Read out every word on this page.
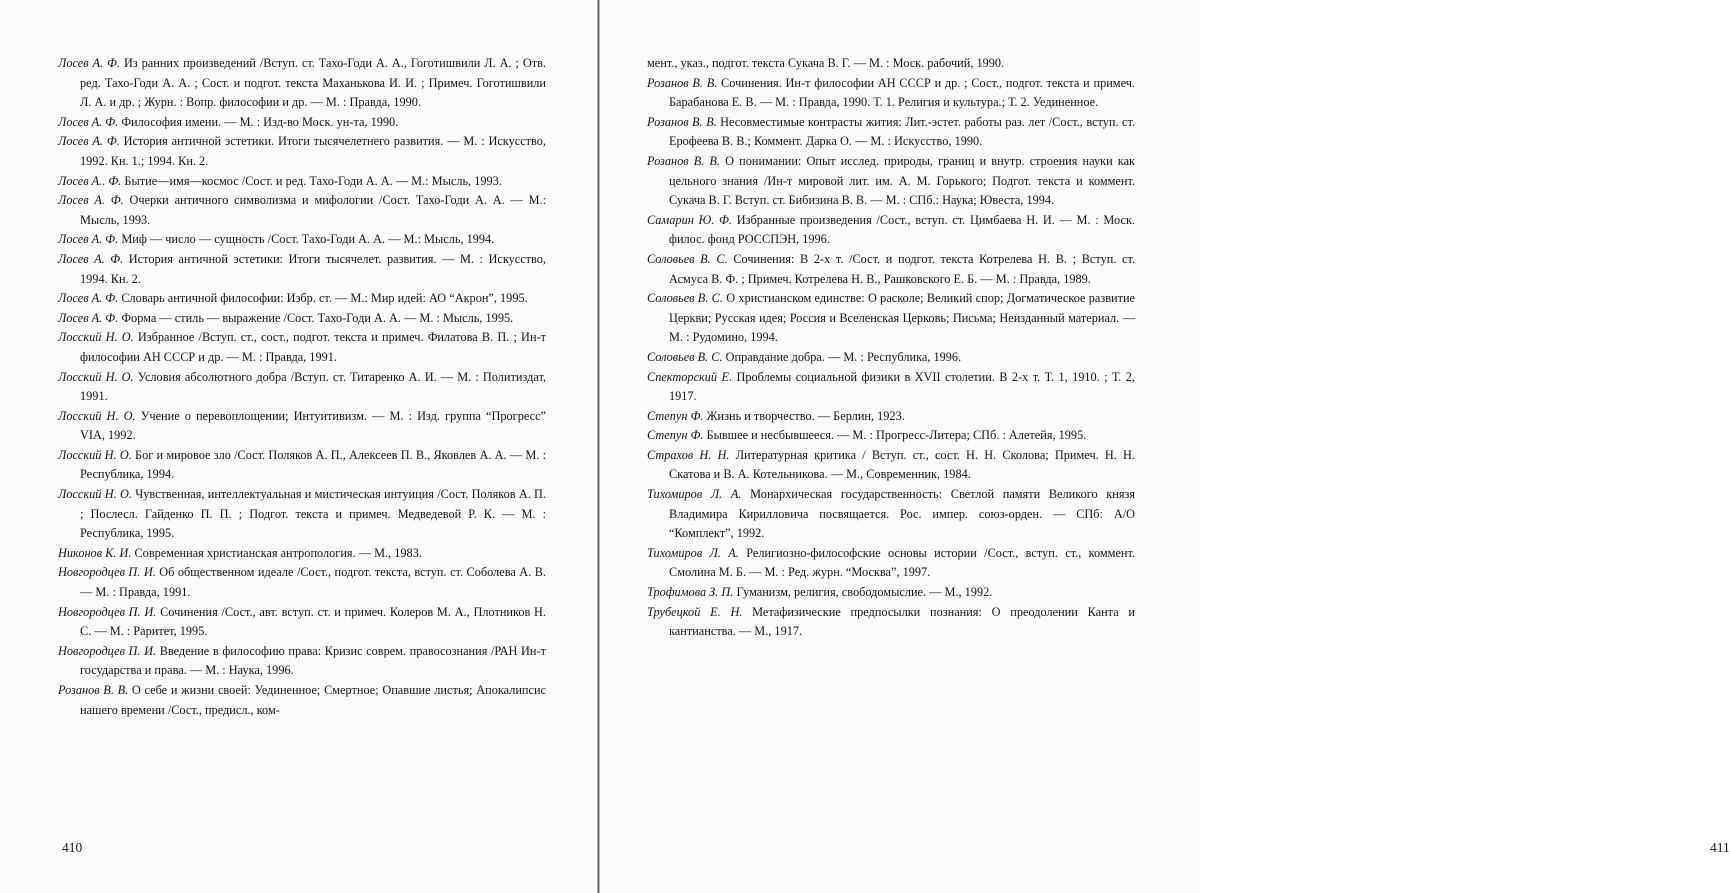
Лосев А. Ф. Из ранних произведений /Вступ. ст. Тахо-Годи А. А., Гоготишвили Л. А. ; Отв. ред. Тахо-Годи А. А. ; Сост. и подгот. текста Маханькова И. И. ; Примеч. Гоготишвили Л. А. и др. ; Журн. : Вопр. философии и др. — М. : Правда, 1990.

Лосев А. Ф. Философия имени. — М. : Изд-во Моск. ун-та, 1990.

Лосев А. Ф. История античной эстетики. Итоги тысячелетнего развития. — М. : Искусство, 1992. Кн. 1.; 1994. Кн. 2.

Лосев А.. Ф. Бытие—имя—космос /Сост. и ред. Тахо-Годи А. А. — М.: Мысль, 1993.

Лосев А. Ф. Очерки античного символизма и мифологии /Сост. Тахо-Годи А. А. — М.: Мысль, 1993.

Лосев А. Ф. Миф — число — сущность /Сост. Тахо-Годи А. А. — М.: Мысль, 1994.

Лосев А. Ф. История античной эстетики: Итоги тысячелет. развития. — М. : Искусство, 1994. Кн. 2.

Лосев А. Ф. Словарь античной философии: Избр. ст. — М.: Мир идей: АО “Акрон”, 1995.

Лосев А. Ф. Форма — стиль — выражение /Сост. Тахо-Годи А. А. — М. : Мысль, 1995.

Лосский Н. О. Избранное /Вступ. ст., сост., подгот. текста и примеч. Филатова В. П. ; Ин-т философии АН СССР и др. — М. : Правда, 1991.

Лосский Н. О. Условия абсолютного добра /Вступ. ст. Титаренко А. И. — М. : Политиздат, 1991.

Лосский Н. О. Учение о перевоплощении; Интуитивизм. — М. : Изд. группа “Прогресс” VIA, 1992.

Лосский Н. О. Бог и мировое зло /Сост. Поляков А. П., Алексеев П. В., Яковлев А. А. — М. : Республика, 1994.

Лосский Н. О. Чувственная, интеллектуальная и мистическая интуиция /Сост. Поляков А. П. ; Послесл. Гайденко П. П. ; Подгот. текста и примеч. Медведевой Р. К. — М. : Республика, 1995.

Никонов К. И. Современная христианская антропология. — М., 1983.

Новгородцев П. И. Об общественном идеале /Сост., подгот. текста, вступ. ст. Соболева А. В. — М. : Правда, 1991.

Новгородцев П. И. Сочинения /Сост., авт. вступ. ст. и примеч. Колеров М. А., Плотников Н. С. — М. : Раритет, 1995.

Новгородцев П. И. Введение в философию права: Кризис соврем. правосознания /РАН Ин-т государства и права. — М. : Наука, 1996.

Розанов В. В. О себе и жизни своей: Уединенное; Смертное; Опавшие листья; Апокалипсис нашего времени /Сост., предисл., ком-

410	411

мент., указ., подгот. текста Сукача В. Г. — М. : Моск. рабочий, 1990.

Розанов В. В. Сочинения. Ин-т философии АН СССР и др. ; Сост., подгот. текста и примеч. Барабанова Е. В. — М. : Правда, 1990. Т. 1. Религия и культура.; Т. 2. Уединенное.

Розанов В. В. Несовместимые контрасты жития: Лит.-эстет. работы раз. лет /Сост., вступ. ст. Ерофеева В. В.; Коммент. Дарка О. — М. : Искусство, 1990.

Розанов В. В. О понимании: Опыт исслед. природы, границ и внутр. строения науки как цельного знания /Ин-т мировой лит. им. А. М. Горького; Подгот. текста и коммент. Сукача В. Г. Вступ. ст. Бибизина В. В. — М. : СПб.: Наука; Ювеста, 1994.

Самарин Ю. Ф. Избранные произведения /Сост., вступ. ст. Цимбаева Н. И. — М. : Моск. филос. фонд РОССПЭН, 1996.

Соловьев В. С. Сочинения: В 2-х т. /Сост. и подгот. текста Котрелева Н. В. ; Вступ. ст. Асмуса В. Ф. ; Примеч. Котрелева Н. В., Рашковского Е. Б. — М. : Правда, 1989.

Соловьев В. С. О христианском единстве: О расколе; Великий спор; Догматическое развитие Церкви; Русская идея; Россия и Вселенская Церковь; Письма; Неизданный материал. — М. : Рудомино, 1994.

Соловьев В. С. Оправдание добра. — М. : Республика, 1996.

Спекторский Е. Проблемы социальной физики в XVII столетии. В 2-х т. Т. 1, 1910. ; Т. 2, 1917.

Степун Ф. Жизнь и творчество. — Берлин, 1923.

Степун Ф. Бывшее и несбывшееся. — М. : Прогресс-Литера; СПб. : Алетейя, 1995.

Страхов Н. Н. Литературная критика / Вступ. ст., сост. Н. Н. Сколова; Примеч. Н. Н. Скатова и В. А. Котельникова. — М., Современник, 1984.

Тихомиров Л. А. Монархическая государственность: Светлой памяти Великого князя Владимира Кирилловича посвящается. Рос. импер. союз-орден. — СПб: А/О “Комплект”, 1992.

Тихомиров Л. А. Религиозно-философские основы истории /Сост., вступ. ст., коммент. Смолина М. Б. — М. : Ред. журн. “Москва”, 1997.

Трофимова З. П. Гуманизм, религия, свободомыслие. — М., 1992.

Трубецкой Е. Н. Метафизические предпосылки познания: О преодолении Канта и кантианства. — М., 1917.
